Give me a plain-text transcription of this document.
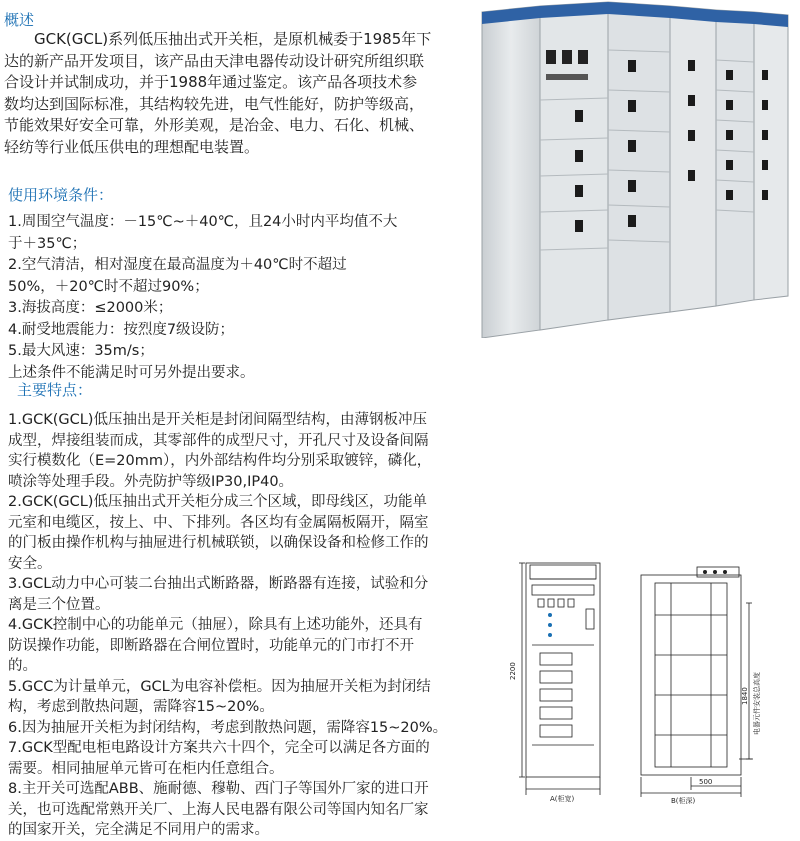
概述
　　GCK(GCL)系列低压抽出式开关柜，是原机械委于1985年下
达的新产品开发项目，该产品由天津电器传动设计研究所组织联
合设计并试制成功，并于1988年通过鉴定。该产品各项技术参
数均达到国际标准，其结构较先进，电气性能好，防护等级高，
节能效果好安全可靠，外形美观，是冶金、电力、石化、机械、
轻纺等行业低压供电的理想配电装置。
使用环境条件：
1.周围空气温度：－15℃~＋40℃，且24小时内平均值不大
于＋35℃；
2.空气清洁，相对湿度在最高温度为＋40℃时不超过
50%，＋20℃时不超过90%；
3.海拔高度：≤2000米；
4.耐受地震能力：按烈度7级设防；
5.最大风速：35m/s；
上述条件不能满足时可另外提出要求。
主要特点：
1.GCK(GCL)低压抽出是开关柜是封闭间隔型结构，由薄钢板冲压
成型，焊接组装而成，其零部件的成型尺寸，开孔尺寸及设备间隔
实行模数化（E=20mm），内外部结构件均分别采取镀锌，磷化，
喷涂等处理手段。外壳防护等级IP30,IP40。
2.GCK(GCL)低压抽出式开关柜分成三个区域，即母线区，功能单
元室和电缆区，按上、中、下排列。各区均有金属隔板隔开，隔室
的门板由操作机构与抽屉进行机械联锁，以确保设备和检修工作的
安全。
3.GCL动力中心可装二台抽出式断路器，断路器有连接，试验和分
离是三个位置。
4.GCK控制中心的功能单元（抽屉），除具有上述功能外，还具有
防误操作功能，即断路器在合闸位置时，功能单元的门市打不开
的。
5.GCC为计量单元，GCL为电容补偿柜。因为抽屉开关柜为封闭结
构，考虑到散热问题，需降容15~20%。
6.因为抽屉开关柜为封闭结构，考虑到散热问题，需降容15~20%。
7.GCK型配电柜电路设计方案共六十四个，完全可以满足各方面的
需要。相同抽屉单元皆可在柜内任意组合。
8.主开关可选配ABB、施耐德、穆勒、西门子等国外厂家的进口开
关，也可选配常熟开关厂、上海人民电器有限公司等国内知名厂家
的国家开关，完全满足不同用户的需求。
2200
A(柜宽)
500
B(柜深)
1840 电器元件安装总高度
